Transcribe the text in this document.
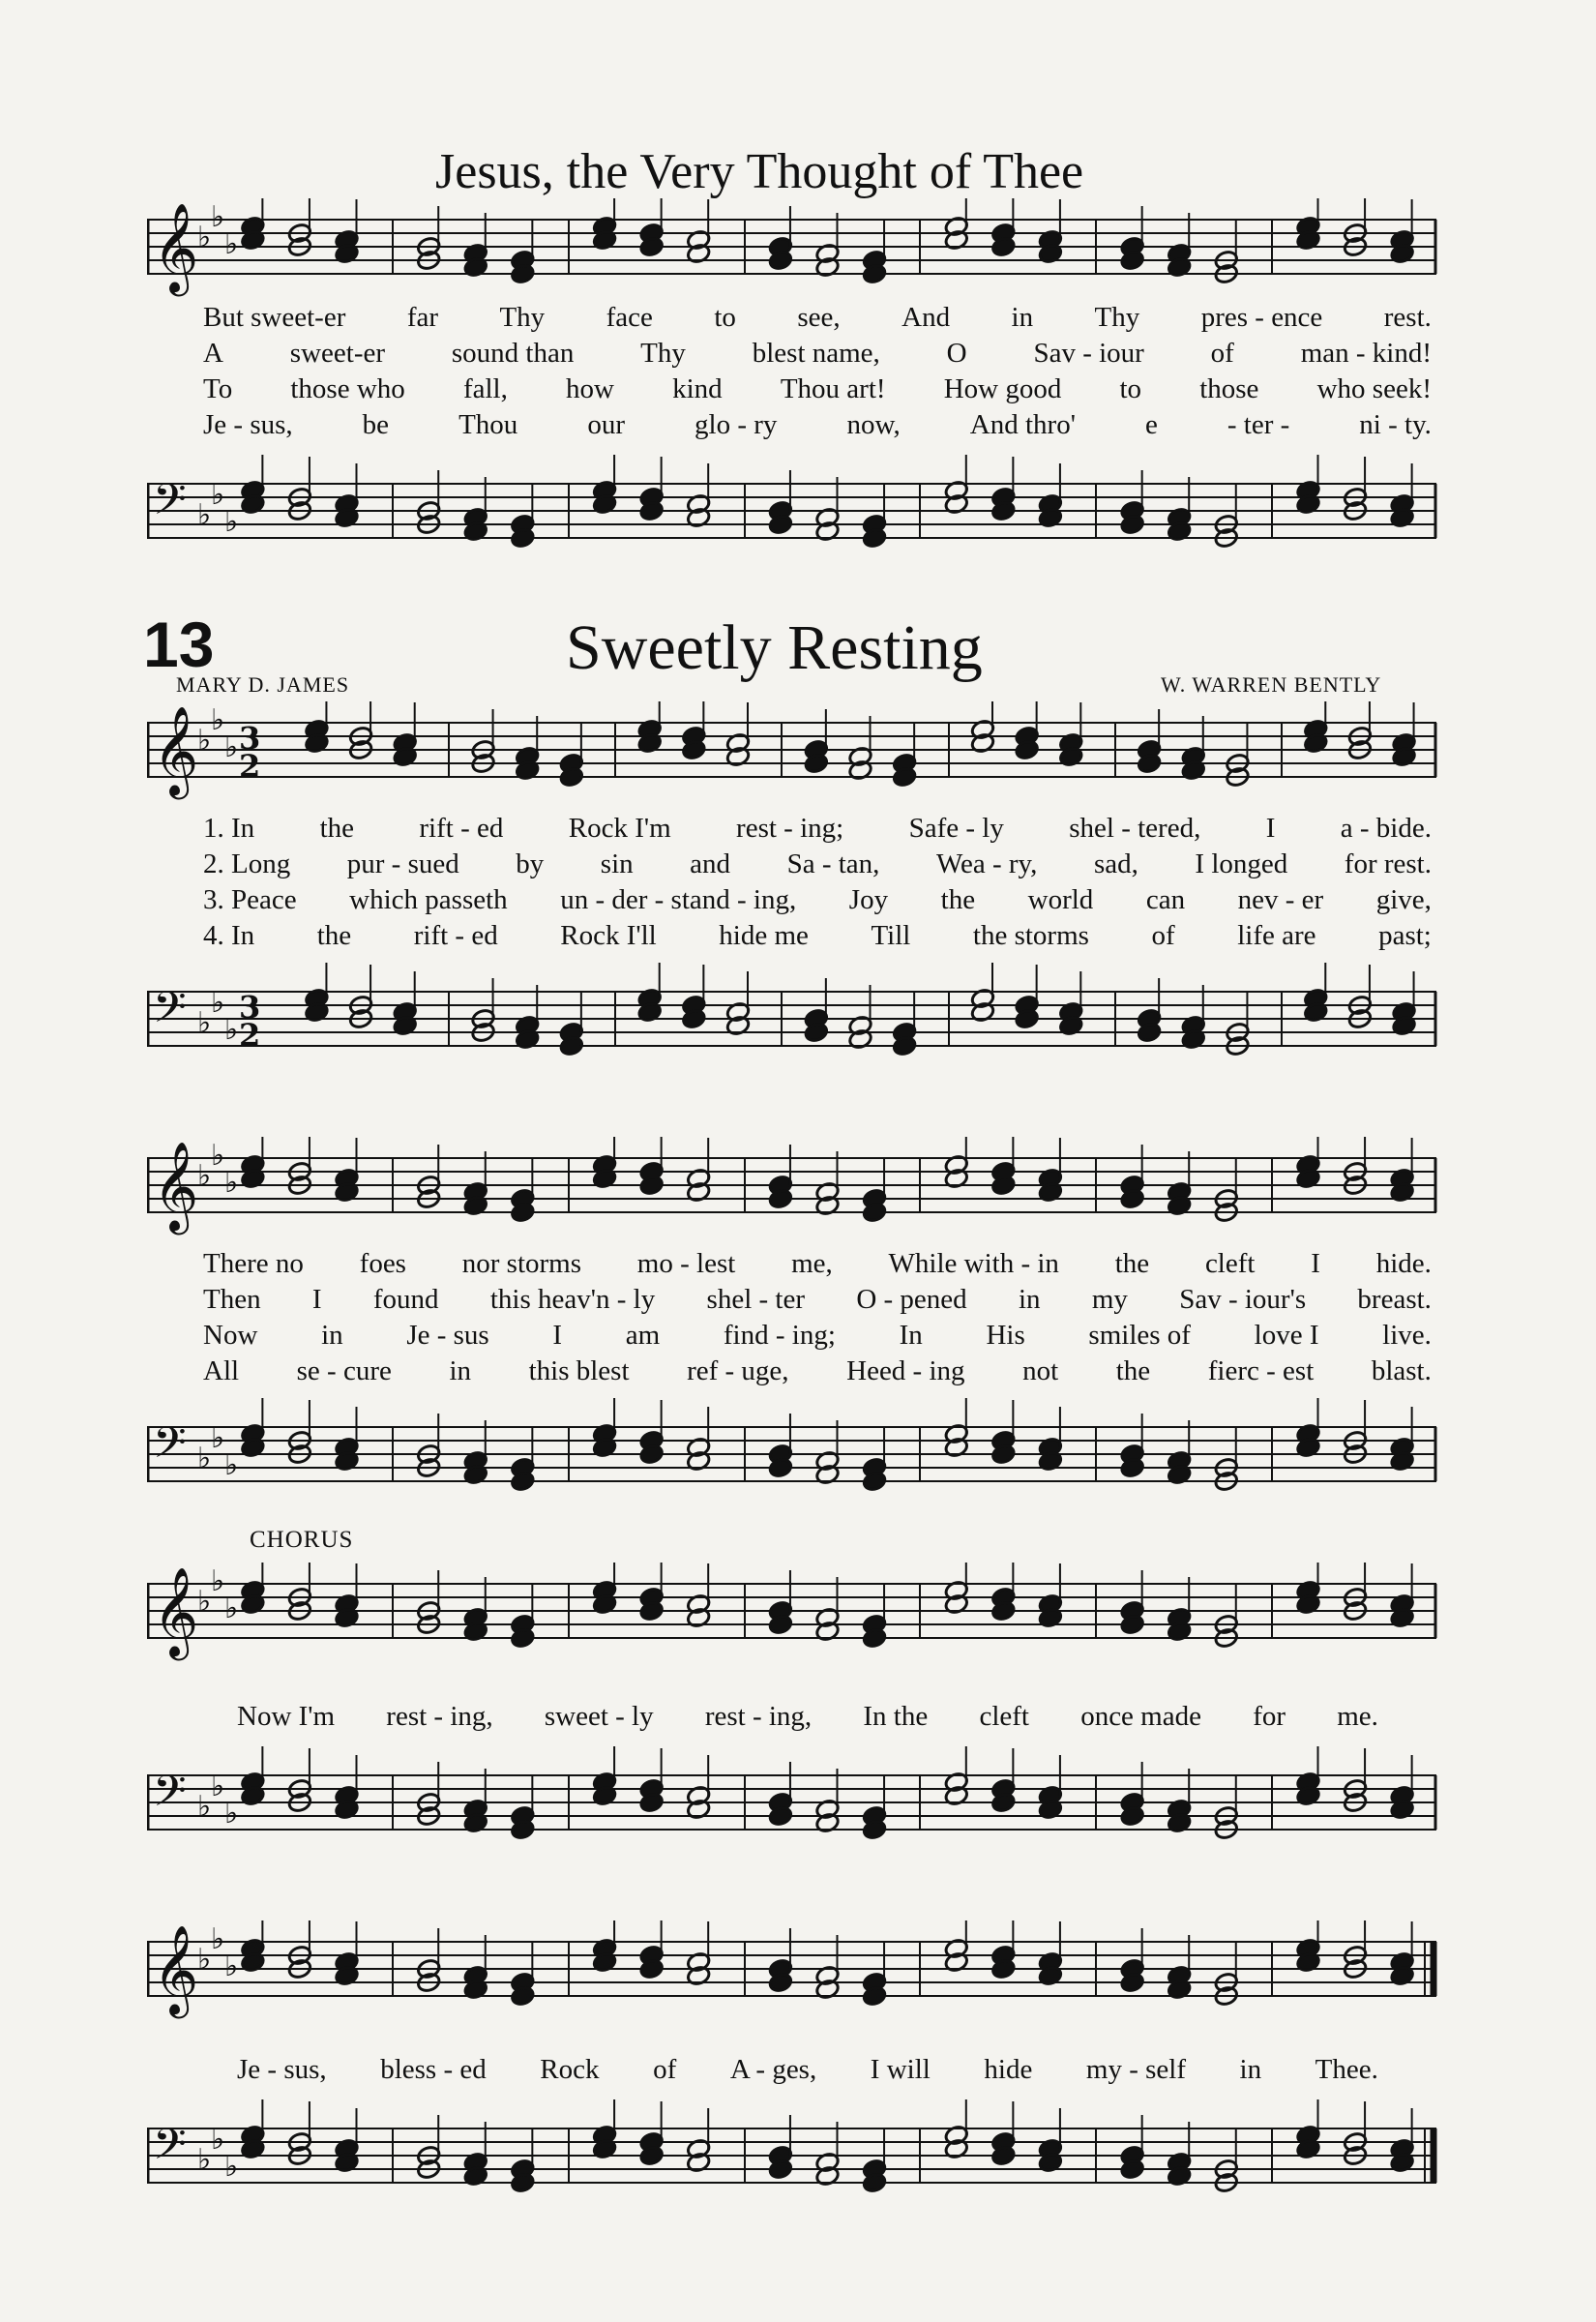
Jesus, the Very Thought of Thee
𝄞
♭
♭
♭
But sweet-er far Thy face to see, And in Thy pres - ence rest.
A sweet-er sound than Thy blest name, O Sav - iour of man - kind!
To those who fall, how kind Thou art! How good to those who seek!
Je - sus, be Thou our glo - ry now, And thro' e - ter - ni - ty.
𝄢 ♭
♭
♭
13	Sweetly Resting
MARY D. JAMES	W. WARREN BENTLY
𝄞 3
2
♭
♭
♭
1. In the rift - ed Rock I'm rest - ing; Safe - ly shel - tered, I a - bide.
2. Long pur - sued by sin and Sa - tan, Wea - ry, sad, I longed for rest.
3. Peace which passeth un - der - stand - ing, Joy the world can nev - er give,
4. In the rift - ed Rock I'll hide me Till the storms of life are past;
𝄢 3
2
♭
♭
♭
𝄞
♭
♭
♭
There no foes nor storms mo - lest me, While with - in the cleft I hide.
Then I found this heav'n - ly shel - ter O - pened in my Sav - iour's breast.
Now in Je - sus I am find - ing; In His smiles of love I live.
All se - cure in this blest ref - uge, Heed - ing not the fierc - est blast.
𝄢 ♭
♭
♭
CHORUS
𝄞
♭
♭
♭
Now I'm rest - ing, sweet - ly rest - ing, In the cleft once made for me.
𝄢 ♭
♭
♭
𝄞
♭
♭
♭
Je - sus, bless - ed Rock of A - ges, I will hide my - self in Thee.
𝄢 ♭
♭
♭
